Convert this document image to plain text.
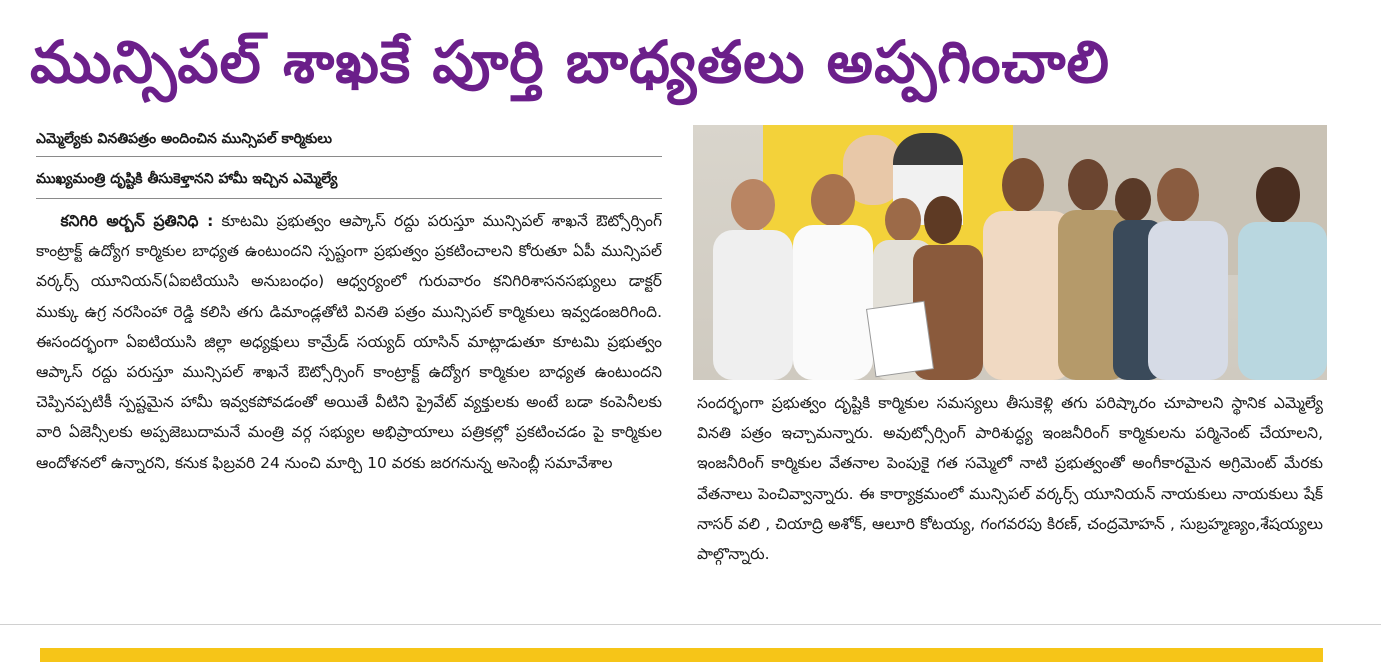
మున్సిపల్ శాఖకే పూర్తి బాధ్యతలు అప్పగించాలి
ఎమ్మెల్యేకు వినతిపత్రం అందించిన మున్సిపల్ కార్మికులు
ముఖ్యమంత్రి దృష్టికి తీసుకెళ్తానని హామీ ఇచ్చిన ఎమ్మెల్యే

కనిగిరి అర్బన్ ప్రతినిధి : కూటమి ప్రభుత్వం ఆప్కాస్ రద్దు పరుస్తూ మున్సిపల్ శాఖనే ఔట్సోర్సింగ్ కాంట్రాక్ట్ ఉద్యోగ కార్మికుల బాధ్యత ఉంటుందని స్పష్టంగా ప్రభుత్వం ప్రకటించాలని కోరుతూ ఏపీ మున్సిపల్ వర్కర్స్ యూనియన్(ఏఐటియుసి అనుబంధం) ఆధ్వర్యంలో గురువారం కనిగిరిశాసనసభ్యులు డాక్టర్ ముక్కు ఉగ్ర నరసింహా రెడ్డి కలిసి తగు డిమాండ్లతోటి వినతి పత్రం మున్సిపల్ కార్మికులు ఇవ్వడంజరిగింది. ఈసందర్భంగా ఏఐటియుసి జిల్లా అధ్యక్షులు కామ్రేడ్ సయ్యద్ యాసిన్ మాట్లాడుతూ కూటమి ప్రభుత్వం ఆప్కాస్ రద్దు పరుస్తూ మున్సిపల్ శాఖనే ఔట్సోర్సింగ్ కాంట్రాక్ట్ ఉద్యోగ కార్మికుల బాధ్యత ఉంటుందని చెప్పినప్పటికీ స్పష్టమైన హామీ ఇవ్వకపోవడంతో అయితే వీటిని ప్రైవేట్ వ్యక్తులకు అంటే బడా కంపెనీలకు వారి ఏజెన్సీలకు అప్పజెబుదామనే మంత్రి వర్గ సభ్యుల అభిప్రాయాలు పత్రికల్లో ప్రకటించడం పై కార్మికుల ఆందోళనలో ఉన్నారని, కనుక ఫిబ్రవరి 24 నుంచి మార్చి 10 వరకు జరగనున్న అసెంబ్లీ సమావేశాల

సందర్భంగా ప్రభుత్వం దృష్టికి కార్మికుల సమస్యలు తీసుకెళ్లి తగు పరిష్కారం చూపాలని స్థానిక ఎమ్మెల్యే వినతి పత్రం ఇచ్చామన్నారు. అవుట్సోర్సింగ్ పారిశుద్ధ్య ఇంజనీరింగ్ కార్మికులను పర్మినెంట్ చేయాలని, ఇంజనీరింగ్ కార్మికుల వేతనాల పెంపుకై గత సమ్మెలో నాటి ప్రభుత్వంతో అంగీకారమైన అగ్రిమెంట్ మేరకు వేతనాలు పెంచివ్వాన్నారు. ఈ కార్యాక్రమంలో మున్సిపల్ వర్కర్స్ యూనియన్ నాయకులు నాయకులు షేక్ నాసర్ వలి , చియాద్రి అశోక్, ఆలూరి కోటయ్య, గంగవరపు కిరణ్, చంద్రమోహన్ , సుబ్రహ్మణ్యం,శేషయ్యలు పాల్గొన్నారు.
